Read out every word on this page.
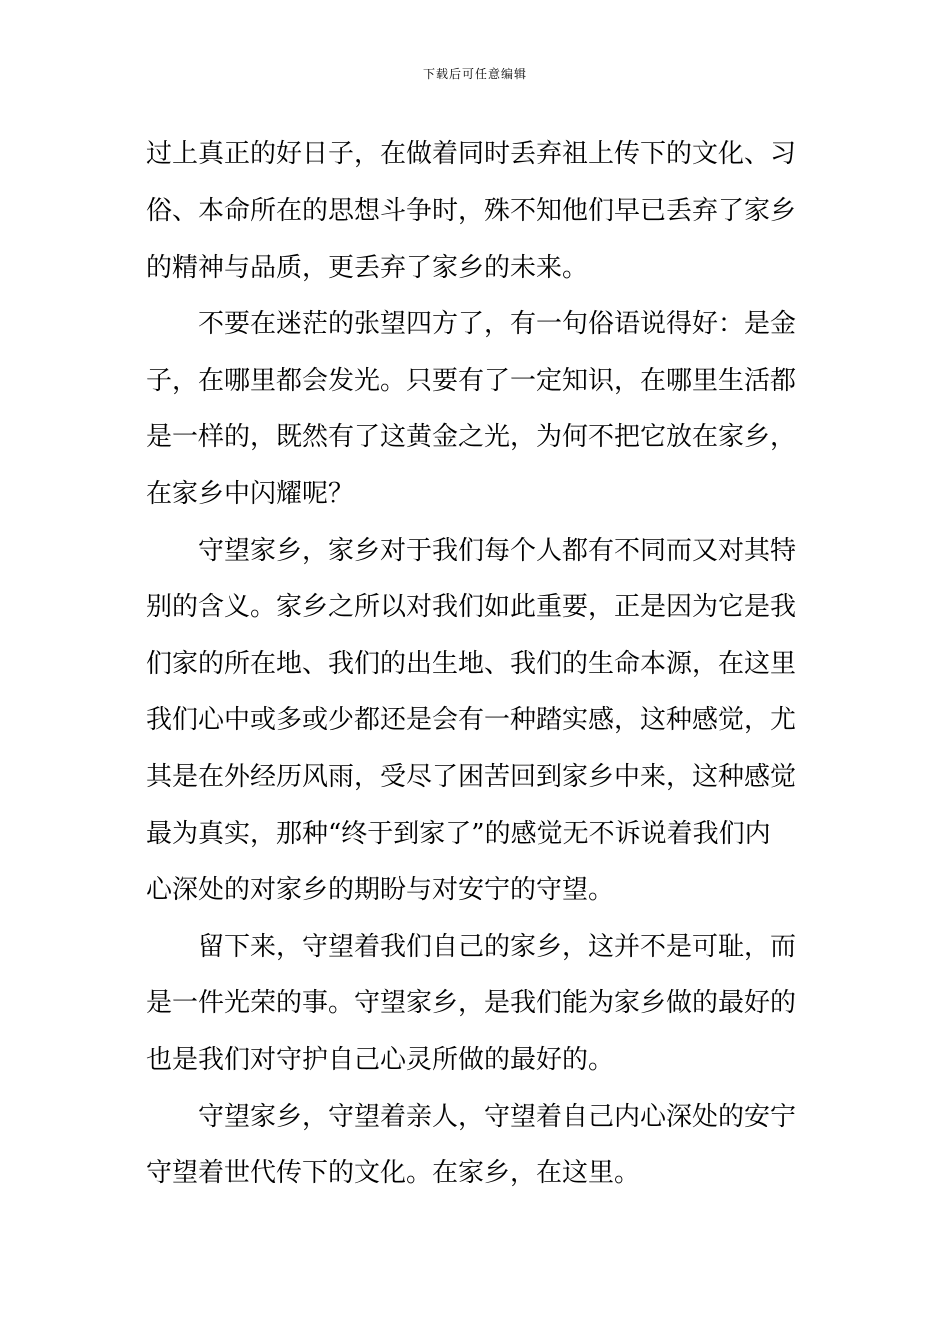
下载后可任意编辑
过上真正的好日子，在做着同时丢弃祖上传下的文化、习
俗、本命所在的思想斗争时，殊不知他们早已丢弃了家乡
的精神与品质，更丢弃了家乡的未来。
　　不要在迷茫的张望四方了，有一句俗语说得好：是金
子，在哪里都会发光。只要有了一定知识，在哪里生活都
是一样的，既然有了这黄金之光，为何不把它放在家乡，
在家乡中闪耀呢？
　　守望家乡，家乡对于我们每个人都有不同而又对其特
别的含义。家乡之所以对我们如此重要，正是因为它是我
们家的所在地、我们的出生地、我们的生命本源，在这里
我们心中或多或少都还是会有一种踏实感，这种感觉，尤
其是在外经历风雨，受尽了困苦回到家乡中来，这种感觉
最为真实，那种“终于到家了”的感觉无不诉说着我们内
心深处的对家乡的期盼与对安宁的守望。
　　留下来，守望着我们自己的家乡，这并不是可耻，而
是一件光荣的事。守望家乡，是我们能为家乡做的最好的
也是我们对守护自己心灵所做的最好的。
　　守望家乡，守望着亲人，守望着自己内心深处的安宁
守望着世代传下的文化。在家乡，在这里。
